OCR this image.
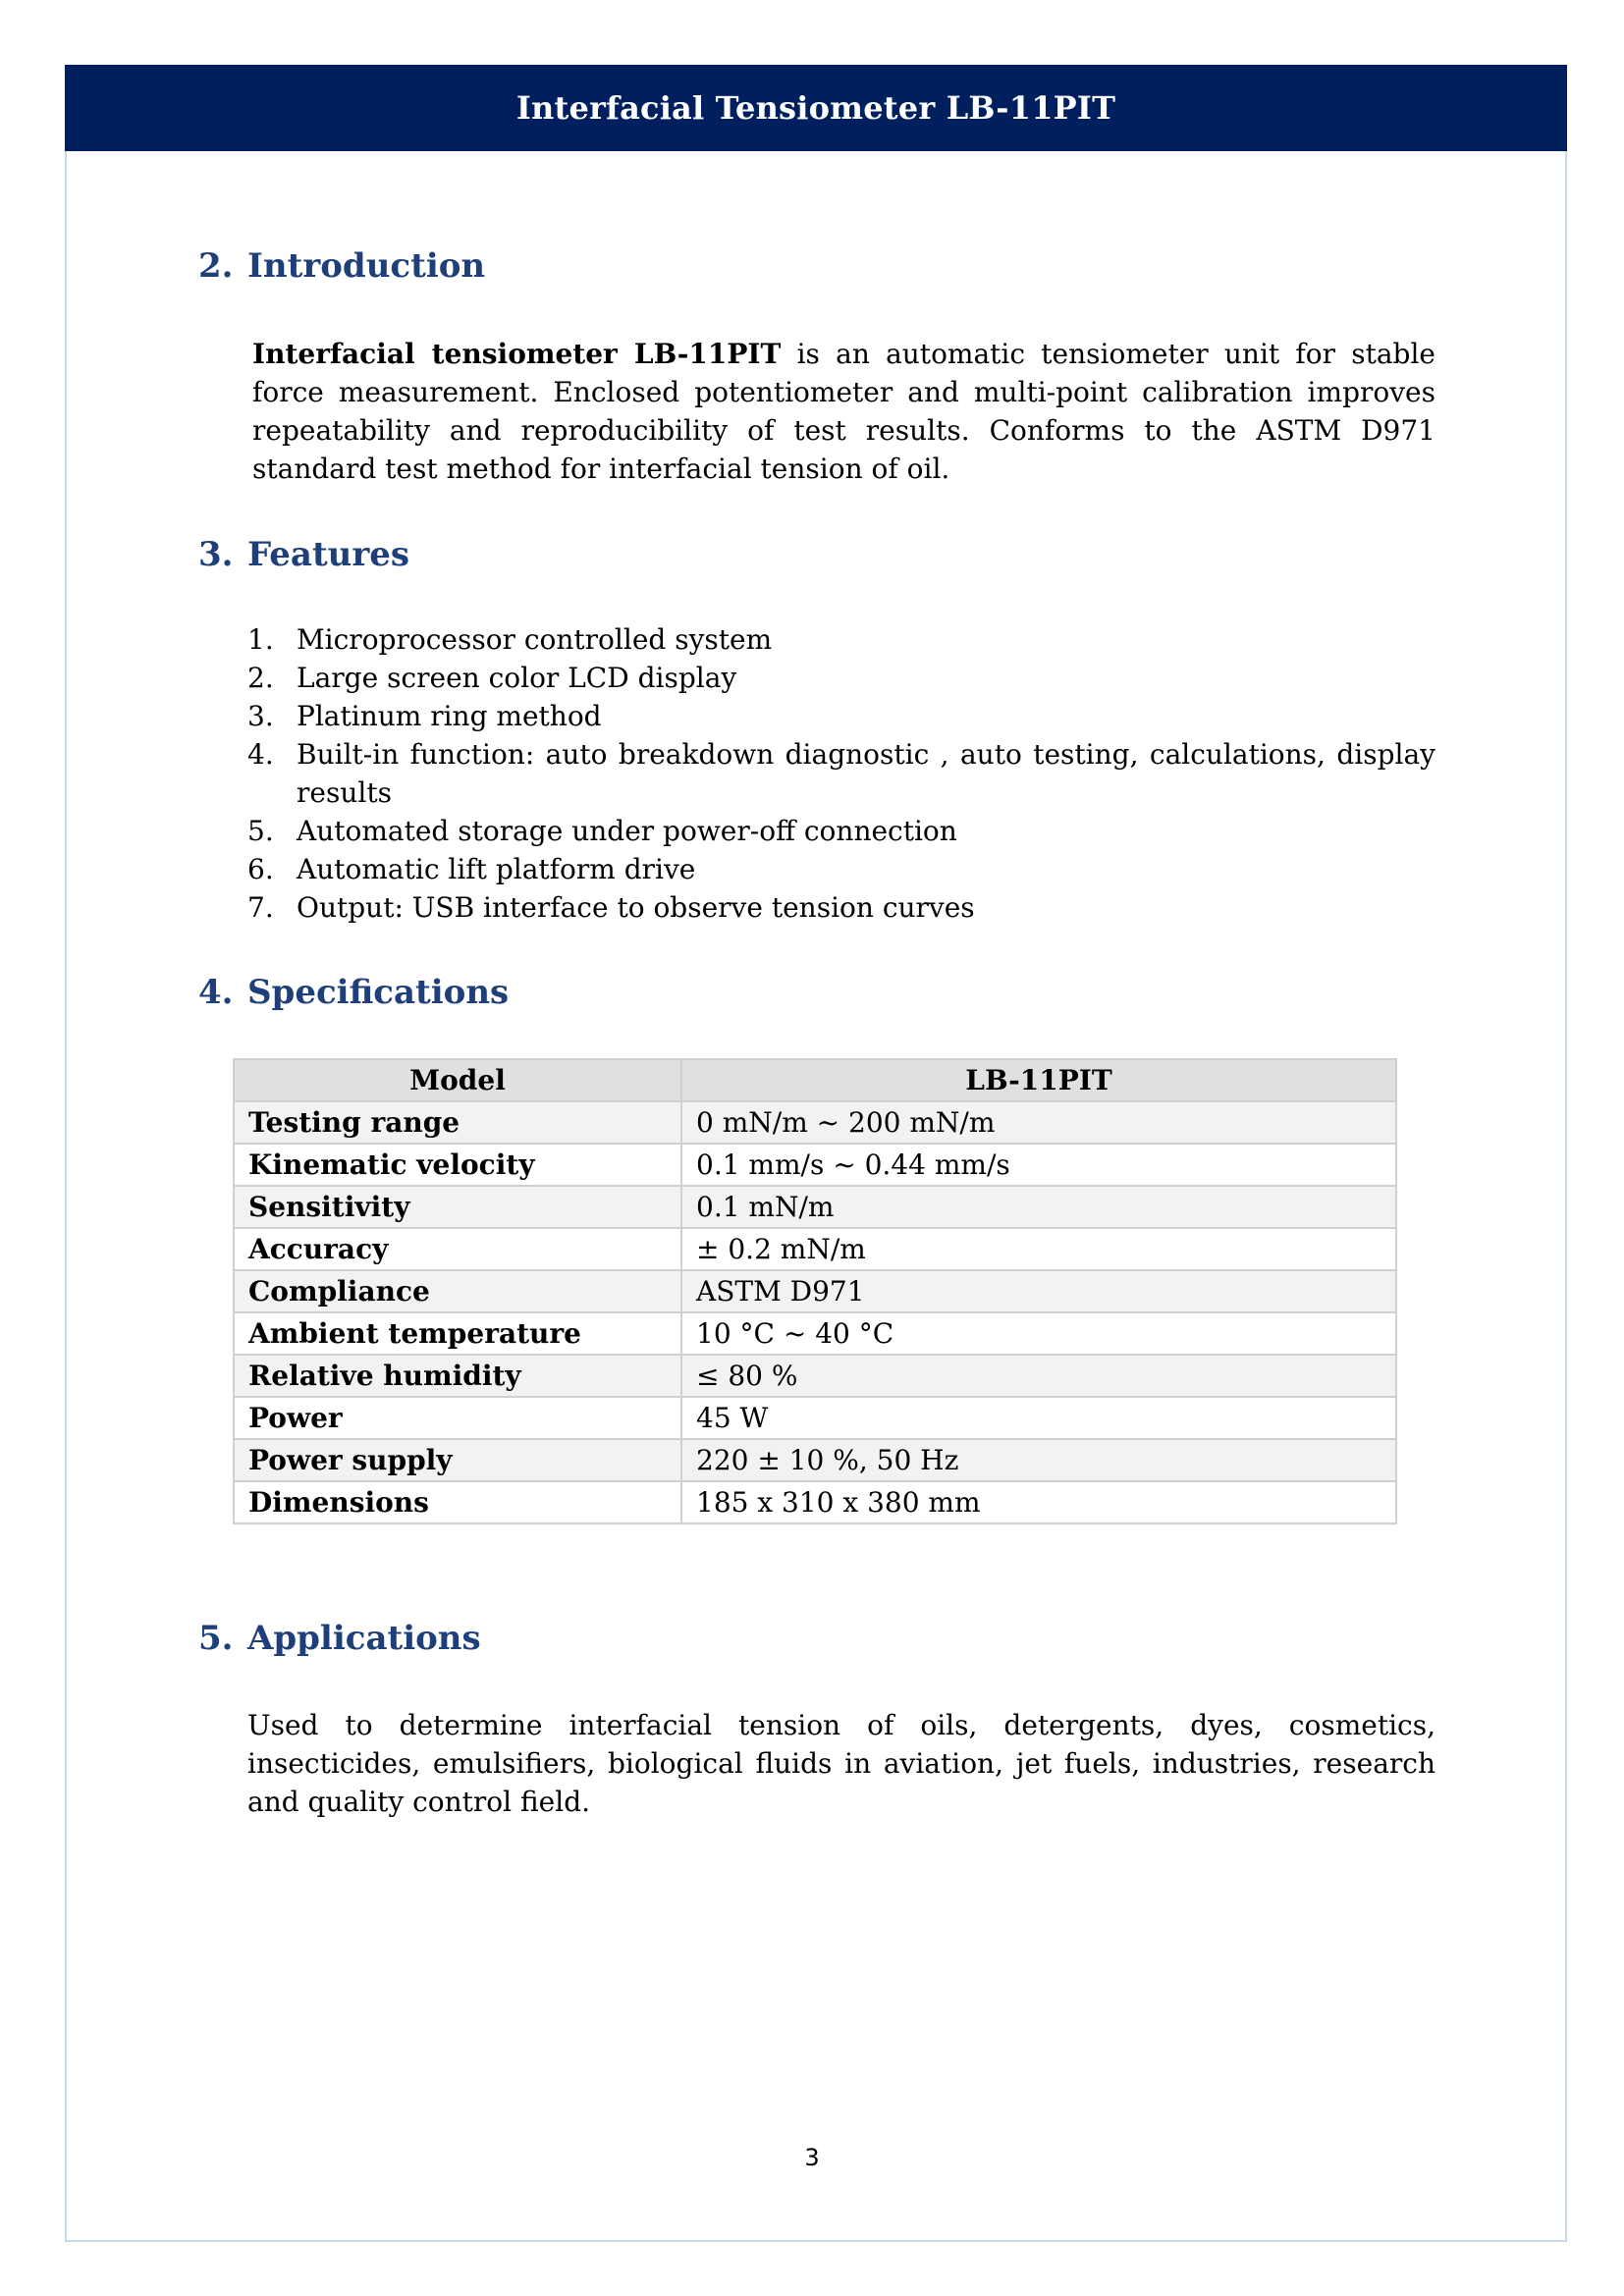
Interfacial Tensiometer LB-11PIT
2. Introduction

Interfacial tensiometer LB-11PIT is an automatic tensiometer unit for stable force measurement. Enclosed potentiometer and multi-point calibration improves repeatability and reproducibility of test results. Conforms to the ASTM D971 standard test method for interfacial tension of oil.

3. Features
1. Microprocessor controlled system
2. Large screen color LCD display
3. Platinum ring method
4. Built-in function: auto breakdown diagnostic , auto testing, calculations, display results
5. Automated storage under power-off connection
6. Automatic lift platform drive
7. Output: USB interface to observe tension curves
4. Specifications
Model	LB-11PIT
Testing range	0 mN/m ~ 200 mN/m
Kinematic velocity	0.1 mm/s ~ 0.44 mm/s
Sensitivity	0.1 mN/m
Accuracy	± 0.2 mN/m
Compliance	ASTM D971
Ambient temperature	10 °C ~ 40 °C
Relative humidity	≤ 80 %
Power	45 W
Power supply	220 ± 10 %, 50 Hz
Dimensions	185 x 310 x 380 mm
5. Applications

Used to determine interfacial tension of oils, detergents, dyes, cosmetics, insecticides, emulsifiers, biological fluids in aviation, jet fuels, industries, research and quality control field.

3
